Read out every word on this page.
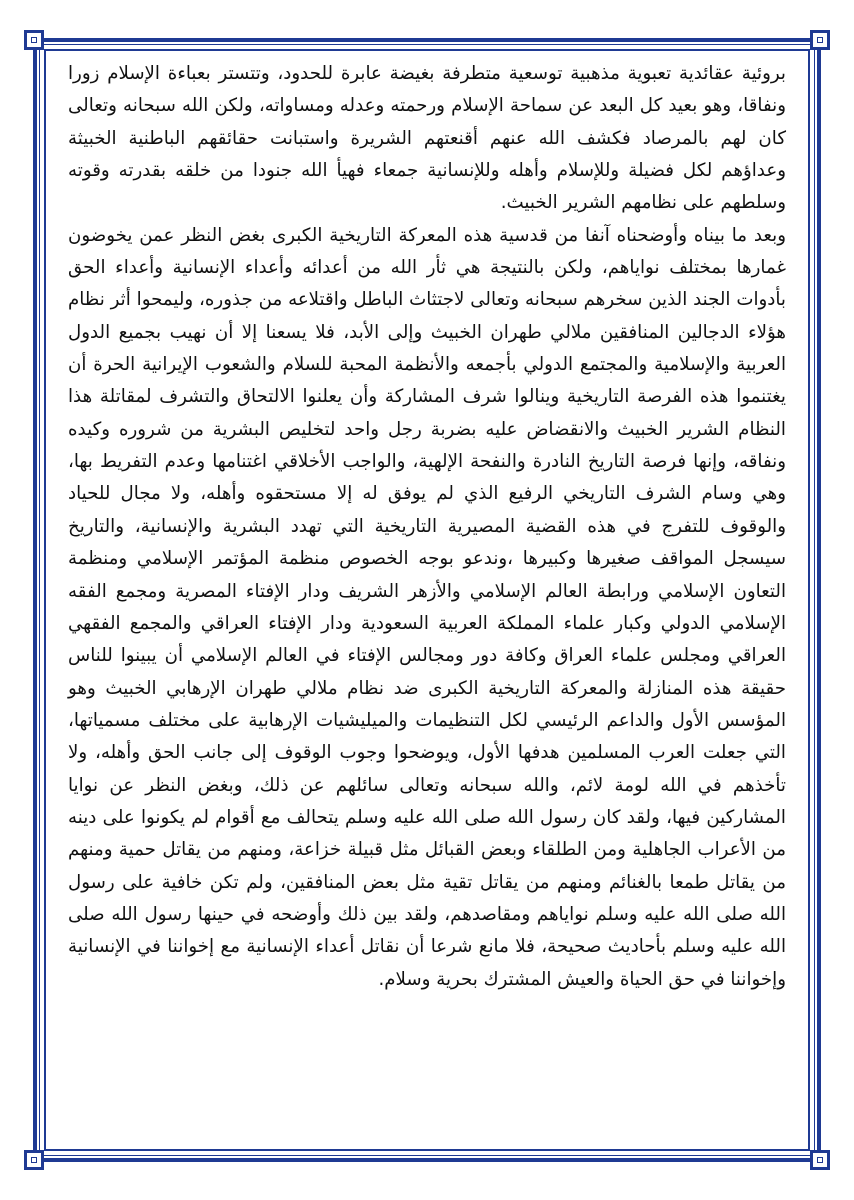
بروئية عقائدية تعبوية مذهبية توسعية متطرفة بغيضة عابرة للحدود، وتتستر بعباءة الإسلام زورا ونفاقا، وهو بعيد كل البعد عن سماحة الإسلام ورحمته وعدله ومساواته، ولكن الله سبحانه وتعالى كان لهم بالمرصاد فكشف الله عنهم أقنعتهم الشريرة واستبانت حقائقهم الباطنية الخبيثة وعداؤهم لكل فضيلة وللإسلام وأهله وللإنسانية جمعاء فهيأ الله جنودا من خلقه بقدرته وقوته وسلطهم على نظامهم الشرير الخبيث.

وبعد ما بيناه وأوضحناه آنفا من قدسية هذه المعركة التاريخية الكبرى بغض النظر عمن يخوضون غمارها بمختلف نواياهم، ولكن بالنتيجة هي ثأر الله من أعدائه وأعداء الإنسانية وأعداء الحق بأدوات الجند الذين سخرهم سبحانه وتعالى لاجتثاث الباطل واقتلاعه من جذوره، وليمحوا أثر نظام هؤلاء الدجالين المنافقين ملالي طهران الخبيث وإلى الأبد، فلا يسعنا إلا أن نهيب بجميع الدول العربية والإسلامية والمجتمع الدولي بأجمعه والأنظمة المحبة للسلام والشعوب الإيرانية الحرة أن يغتنموا هذه الفرصة التاريخية وينالوا شرف المشاركة وأن يعلنوا الالتحاق والتشرف لمقاتلة هذا النظام الشرير الخبيث والانقضاض عليه بضربة رجل واحد لتخليص البشرية من شروره وكيده ونفاقه، وإنها فرصة التاريخ النادرة والنفحة الإلهية، والواجب الأخلاقي اغتنامها وعدم التفريط بها، وهي وسام الشرف التاريخي الرفيع الذي لم يوفق له إلا مستحقوه وأهله، ولا مجال للحياد والوقوف للتفرج في هذه القضية المصيرية التاريخية التي تهدد البشرية والإنسانية، والتاريخ سيسجل المواقف صغيرها وكبيرها ،وندعو بوجه الخصوص منظمة المؤتمر الإسلامي ومنظمة التعاون الإسلامي ورابطة العالم الإسلامي والأزهر الشريف ودار الإفتاء المصرية ومجمع الفقه الإسلامي الدولي وكبار علماء المملكة العربية السعودية ودار الإفتاء العراقي والمجمع الفقهي العراقي ومجلس علماء العراق وكافة دور ومجالس الإفتاء في العالم الإسلامي أن يبينوا للناس حقيقة هذه المنازلة والمعركة التاريخية الكبرى ضد نظام ملالي طهران الإرهابي الخبيث وهو المؤسس الأول والداعم الرئيسي لكل التنظيمات والميليشيات الإرهابية على مختلف مسمياتها، التي جعلت العرب المسلمين هدفها الأول، ويوضحوا وجوب الوقوف إلى جانب الحق وأهله، ولا تأخذهم في الله لومة لائم، والله سبحانه وتعالى سائلهم عن ذلك، وبغض النظر عن نوايا المشاركين فيها، ولقد كان رسول الله صلى الله عليه وسلم يتحالف مع أقوام لم يكونوا على دينه من الأعراب الجاهلية ومن الطلقاء وبعض القبائل مثل قبيلة خزاعة، ومنهم من يقاتل حمية ومنهم من يقاتل طمعا بالغنائم ومنهم من يقاتل تقية مثل بعض المنافقين، ولم تكن خافية على رسول الله صلى الله عليه وسلم نواياهم ومقاصدهم، ولقد بين ذلك وأوضحه في حينها رسول الله صلى الله عليه وسلم بأحاديث صحيحة، فلا مانع شرعا أن نقاتل أعداء الإنسانية مع إخواننا في الإنسانية وإخواننا في حق الحياة والعيش المشترك بحرية وسلام.
